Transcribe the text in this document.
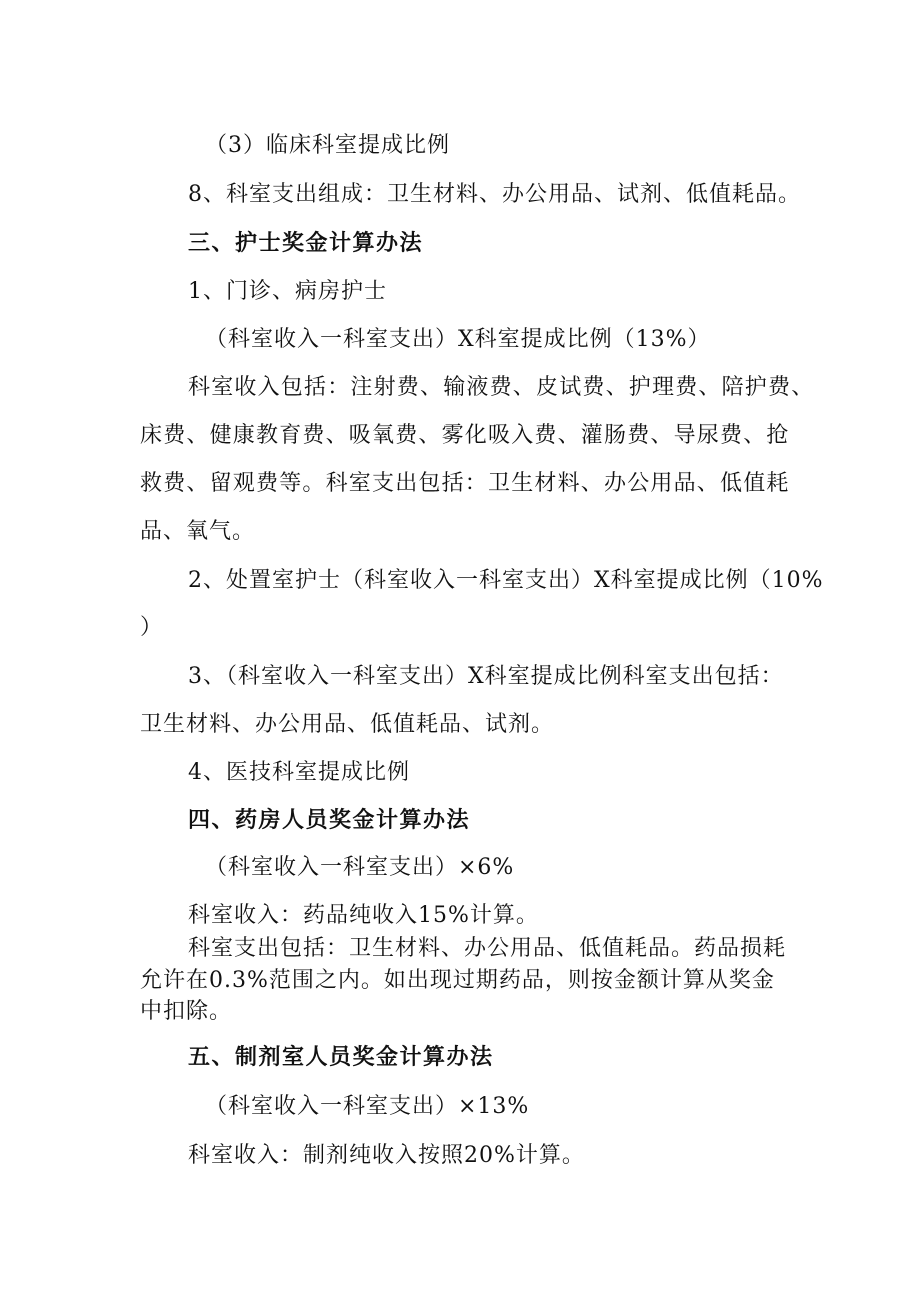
（3）临床科室提成比例
8、科室支出组成：卫生材料、办公用品、试剂、低值耗品。
三、护士奖金计算办法
1、门诊、病房护士
（科室收入一科室支出）X科室提成比例（13%）
科室收入包括：注射费、输液费、皮试费、护理费、陪护费、
床费、健康教育费、吸氧费、雾化吸入费、灌肠费、导尿费、抢
救费、留观费等。科室支出包括：卫生材料、办公用品、低值耗
品、氧气。
2、处置室护士（科室收入一科室支出）X科室提成比例（10%
）
3、（科室收入一科室支出）X科室提成比例科室支出包括：
卫生材料、办公用品、低值耗品、试剂。
4、医技科室提成比例
四、药房人员奖金计算办法
（科室收入一科室支出）×6%
科室收入：药品纯收入15%计算。
科室支出包括：卫生材料、办公用品、低值耗品。药品损耗
允许在0.3%范围之内。如出现过期药品，则按金额计算从奖金
中扣除。
五、制剂室人员奖金计算办法
（科室收入一科室支出）×13%
科室收入：制剂纯收入按照20%计算。
